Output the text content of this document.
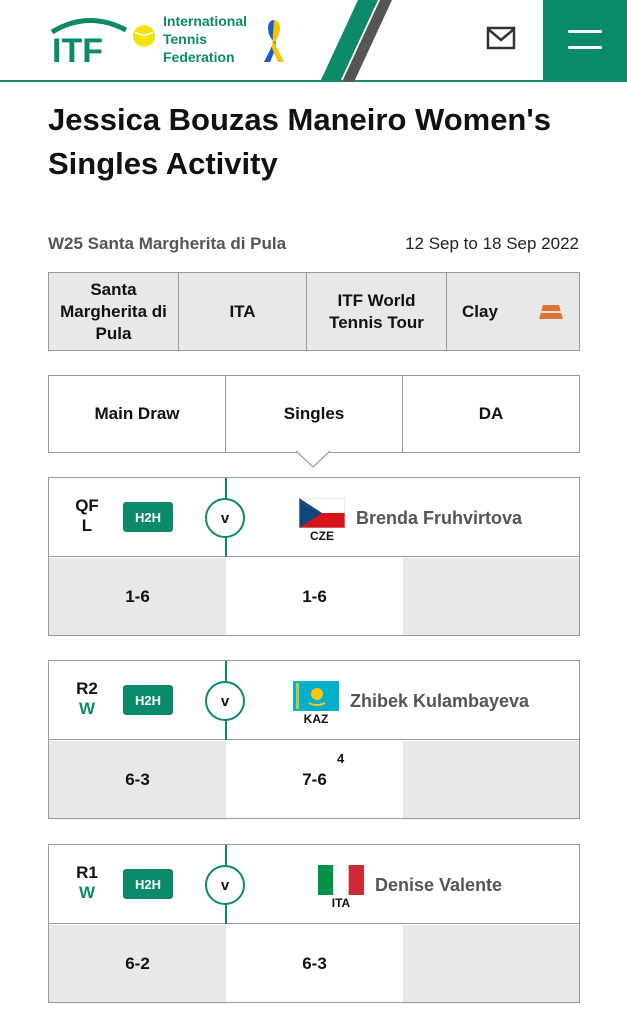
ITF
International
Tennis
Federation
Jessica Bouzas Maneiro Women's Singles Activity
W25 Santa Margherita di Pula	12 Sep to 18 Sep 2022
Santa Margherita di Pula
ITA
ITF World Tennis Tour
Clay
Main Draw	Singles	DA
QF
L	H2H	v
CZE
Brenda Fruhvirtova
1-6	1-6
R2
W	H2H	v
KAZ
Zhibek Kulambayeva
6-3	7-6
4
R1
W	H2H	v
ITA
Denise Valente
6-2	6-3
